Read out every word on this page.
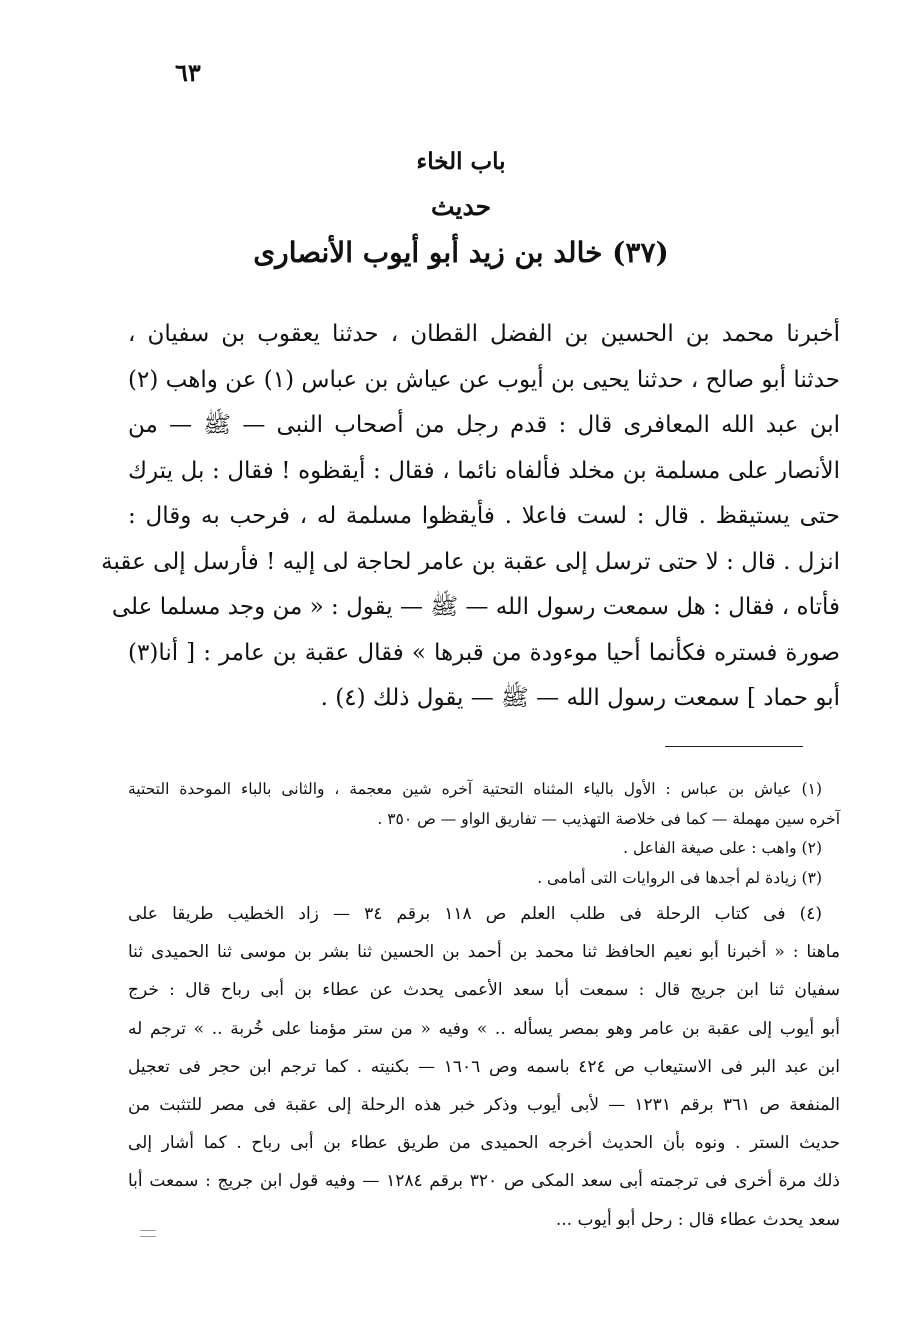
٦٣
باب الخاء
حديث
(٣٧) خالد بن زيد أبو أيوب الأنصارى
أخبرنا محمد بن الحسين بن الفضل القطان ، حدثنا يعقوب بن سفيان ،
حدثنا أبو صالح ، حدثنا يحيى بن أيوب عن عياش بن عباس (١) عن واهب (٢)
ابن عبد الله المعافرى قال : قدم رجل من أصحاب النبى — ﷺ — من
الأنصار على مسلمة بن مخلد فألفاه نائما ، فقال : أيقظوه ! فقال : بل يترك
حتى يستيقظ . قال : لست فاعلا . فأيقظوا مسلمة له ، فرحب به وقال :
انزل . قال : لا حتى ترسل إلى عقبة بن عامر لحاجة لى إليه ! فأرسل إلى عقبة
فأتاه ، فقال : هل سمعت رسول الله — ﷺ — يقول : « من وجد مسلما على
صورة فستره فكأنما أحيا موءودة من قبرها » فقال عقبة بن عامر : [ أنا(٣)
أبو حماد ] سمعت رسول الله — ﷺ — يقول ذلك (٤) .
(١) عياش بن عباس : الأول بالياء المثناه التحتية آخره شين معجمة ، والثانى بالباء الموحدة التحتية
آخره سين مهملة — كما فى خلاصة التهذيب — تفاريق الواو — ص ٣٥٠ .
(٢) واهب : على صيغة الفاعل .
(٣) زيادة لم أجدها فى الروايات التى أمامى .
(٤) فى كتاب الرحلة فى طلب العلم ص ١١٨ برقم ٣٤ — زاد الخطيب طريقا على
ماهنا : « أخبرنا أبو نعيم الحافظ ثنا محمد بن أحمد بن الحسين ثنا بشر بن موسى ثنا الحميدى ثنا
سفيان ثنا ابن جريج قال : سمعت أبا سعد الأعمى يحدث عن عطاء بن أبى رباح قال : خرج
أبو أيوب إلى عقبة بن عامر وهو بمصر يسأله .. » وفيه « من ستر مؤمنا على خُربة .. » ترجم له
ابن عبد البر فى الاستيعاب ص ٤٢٤ باسمه وص ١٦٠٦ — بكنيته . كما ترجم ابن حجر فى تعجيل
المنفعة ص ٣٦١ برقم ١٢٣١ — لأبى أيوب وذكر خبر هذه الرحلة إلى عقبة فى مصر للتثبت من
حديث الستر . ونوه بأن الحديث أخرجه الحميدى من طريق عطاء بن أبى رباح . كما أشار إلى
ذلك مرة أخرى فى ترجمته أبى سعد المكى ص ٣٢٠ برقم ١٢٨٤ — وفيه قول ابن جريج : سمعت أبا
سعد يحدث عطاء قال : رحل أبو أيوب ...
